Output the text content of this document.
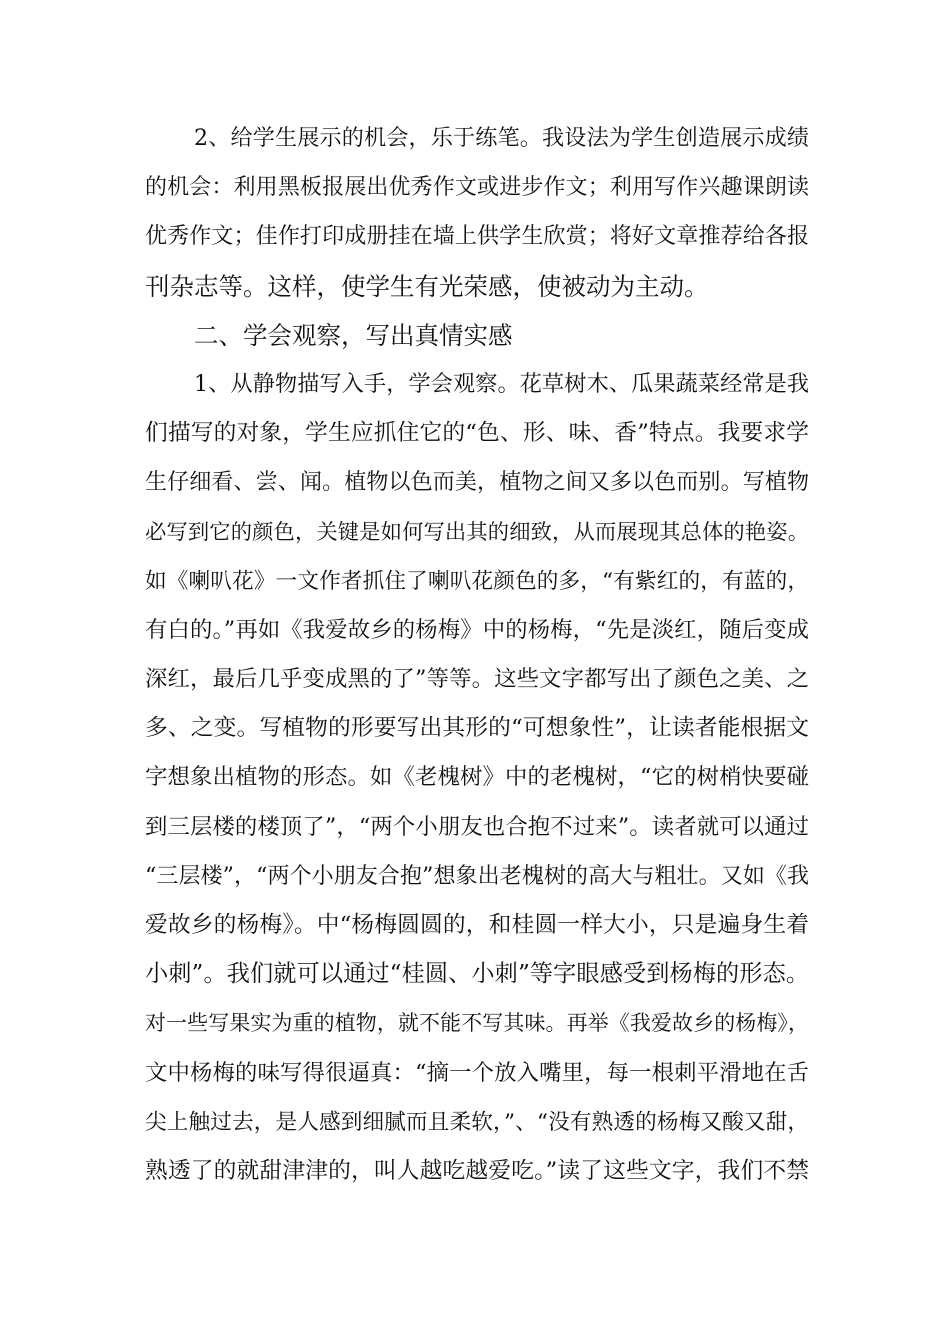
2、给学生展示的机会，乐于练笔。我设法为学生创造展示成绩
的机会：利用黑板报展出优秀作文或进步作文；利用写作兴趣课朗读
优秀作文；佳作打印成册挂在墙上供学生欣赏；将好文章推荐给各报
刊杂志等。这样，使学生有光荣感，使被动为主动。
二、学会观察，写出真情实感
1、从静物描写入手，学会观察。花草树木、瓜果蔬菜经常是我
们描写的对象，学生应抓住它的“色、形、味、香”特点。我要求学
生仔细看、尝、闻。植物以色而美，植物之间又多以色而别。写植物
必写到它的颜色，关键是如何写出其的细致，从而展现其总体的艳姿。
如《喇叭花》一文作者抓住了喇叭花颜色的多，“有紫红的，有蓝的，
有白的。”再如《我爱故乡的杨梅》中的杨梅，“先是淡红，随后变成
深红，最后几乎变成黑的了”等等。这些文字都写出了颜色之美、之
多、之变。写植物的形要写出其形的“可想象性”，让读者能根据文
字想象出植物的形态。如《老槐树》中的老槐树，“它的树梢快要碰
到三层楼的楼顶了”，“两个小朋友也合抱不过来”。读者就可以通过
“三层楼”，“两个小朋友合抱”想象出老槐树的高大与粗壮。又如《我
爱故乡的杨梅》。中“杨梅圆圆的，和桂圆一样大小，只是遍身生着
小刺”。我们就可以通过“桂圆、小刺”等字眼感受到杨梅的形态。
对一些写果实为重的植物，就不能不写其味。再举《我爱故乡的杨梅》，
文中杨梅的味写得很逼真：“摘一个放入嘴里，每一根刺平滑地在舌
尖上触过去，是人感到细腻而且柔软，”、“没有熟透的杨梅又酸又甜，
熟透了的就甜津津的，叫人越吃越爱吃。”读了这些文字，我们不禁
